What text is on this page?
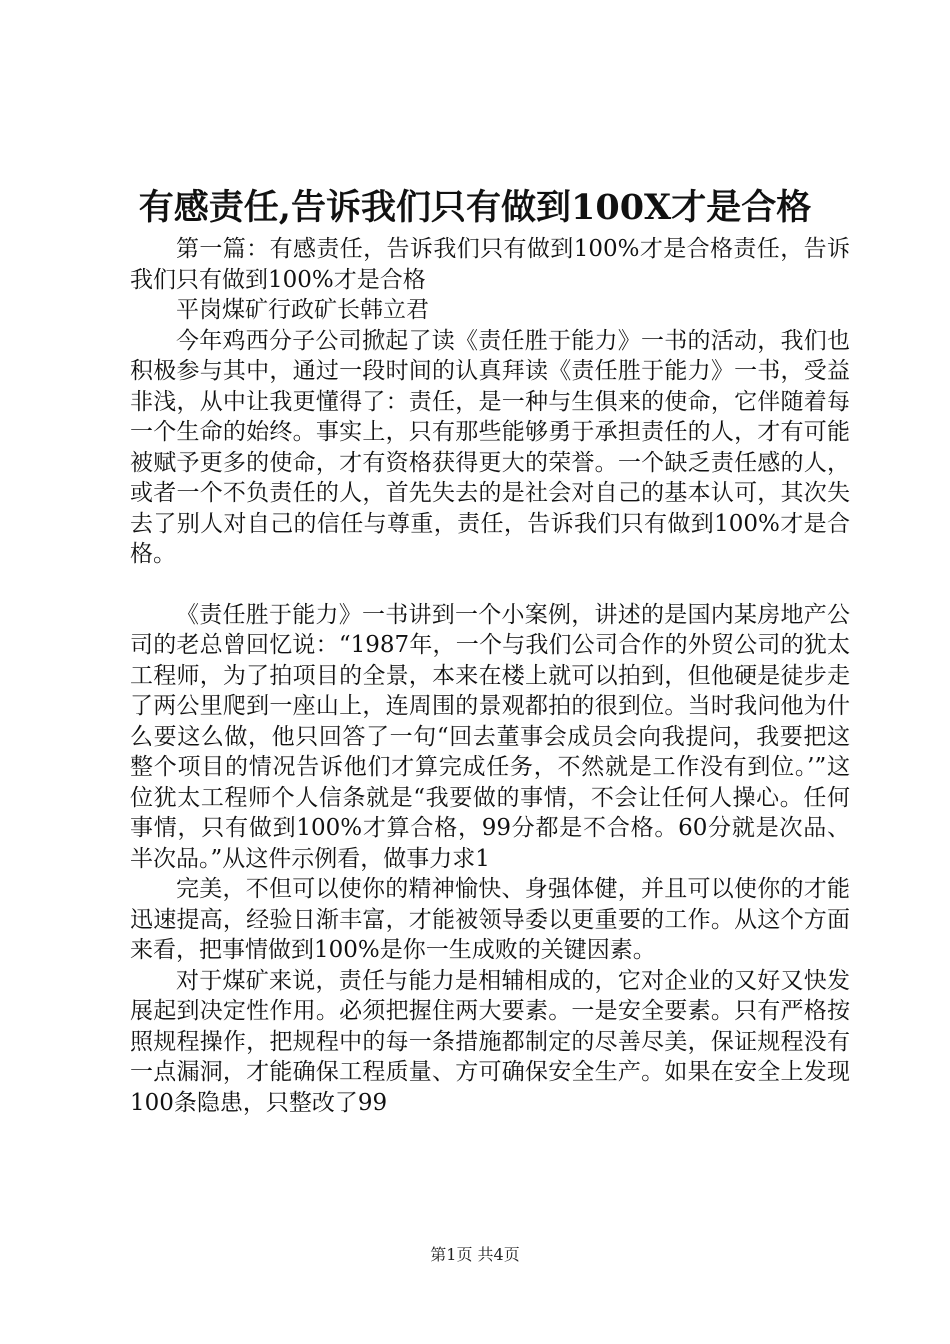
有感责任,告诉我们只有做到100X才是合格

第一篇：有感责任，告诉我们只有做到100%才是合格责任，告诉我们只有做到100%才是合格

平岗煤矿行政矿长韩立君

今年鸡西分子公司掀起了读《责任胜于能力》一书的活动，我们也积极参与其中，通过一段时间的认真拜读《责任胜于能力》一书，受益非浅，从中让我更懂得了：责任，是一种与生俱来的使命，它伴随着每一个生命的始终。事实上，只有那些能够勇于承担责任的人，才有可能被赋予更多的使命，才有资格获得更大的荣誉。一个缺乏责任感的人，或者一个不负责任的人，首先失去的是社会对自己的基本认可，其次失去了别人对自己的信任与尊重，责任，告诉我们只有做到100%才是合格。

《责任胜于能力》一书讲到一个小案例，讲述的是国内某房地产公司的老总曾回忆说：“1987年，一个与我们公司合作的外贸公司的犹太工程师，为了拍项目的全景，本来在楼上就可以拍到，但他硬是徒步走了两公里爬到一座山上，连周围的景观都拍的很到位。当时我问他为什么要这么做，他只回答了一句“回去董事会成员会向我提问，我要把这整个项目的情况告诉他们才算完成任务，不然就是工作没有到位。’”这位犹太工程师个人信条就是“我要做的事情，不会让任何人操心。任何事情，只有做到100%才算合格，99分都是不合格。60分就是次品、半次品。”从这件示例看，做事力求1

完美，不但可以使你的精神愉快、身强体健，并且可以使你的才能迅速提高，经验日渐丰富，才能被领导委以更重要的工作。从这个方面来看，把事情做到100%是你一生成败的关键因素。

对于煤矿来说，责任与能力是相辅相成的，它对企业的又好又快发展起到决定性作用。必须把握住两大要素。一是安全要素。只有严格按照规程操作，把规程中的每一条措施都制定的尽善尽美，保证规程没有一点漏洞，才能确保工程质量、方可确保安全生产。如果在安全上发现100条隐患，只整改了99

第1页 共4页
